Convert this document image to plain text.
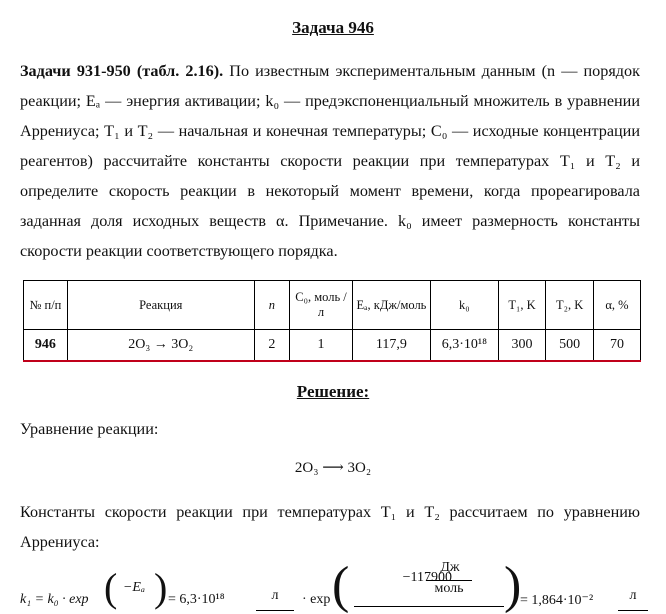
Задача 946
Задачи 931-950 (табл. 2.16). По известным экспериментальным данным (n — порядок реакции; Eₐ — энергия активации; k₀ — предэкспоненциальный множитель в уравнении Аррениуса; T₁ и T₂ — начальная и конечная температуры; C₀ — исходные концентрации реагентов) рассчитайте константы скорости реакции при температурах T₁ и T₂ и определите скорость реакции в некоторый момент времени, когда прореагировала заданная доля исходных веществ α. Примечание. k₀ имеет размерность константы скорости реакции соответствующего порядка.
№ п/п	Реакция	n	C₀, моль /л	Eₐ, кДж/моль	k₀	T₁, K	T₂, K	α, %
946	2O₃ → 3O₂	2	1	117,9	6,3·10¹⁸	300	500	70
Решение:
Уравнение реакции:
2O₃ ⟶ 3O₂
Константы скорости реакции при температурах T₁ и T₂ рассчитаем по уравнению Аррениуса:
k₁ = k₀ · exp ( −Eₐ ) = 6,3·10¹⁸	л	· exp (	−117900
Дж
моль )
= 1,864·10⁻²	л
